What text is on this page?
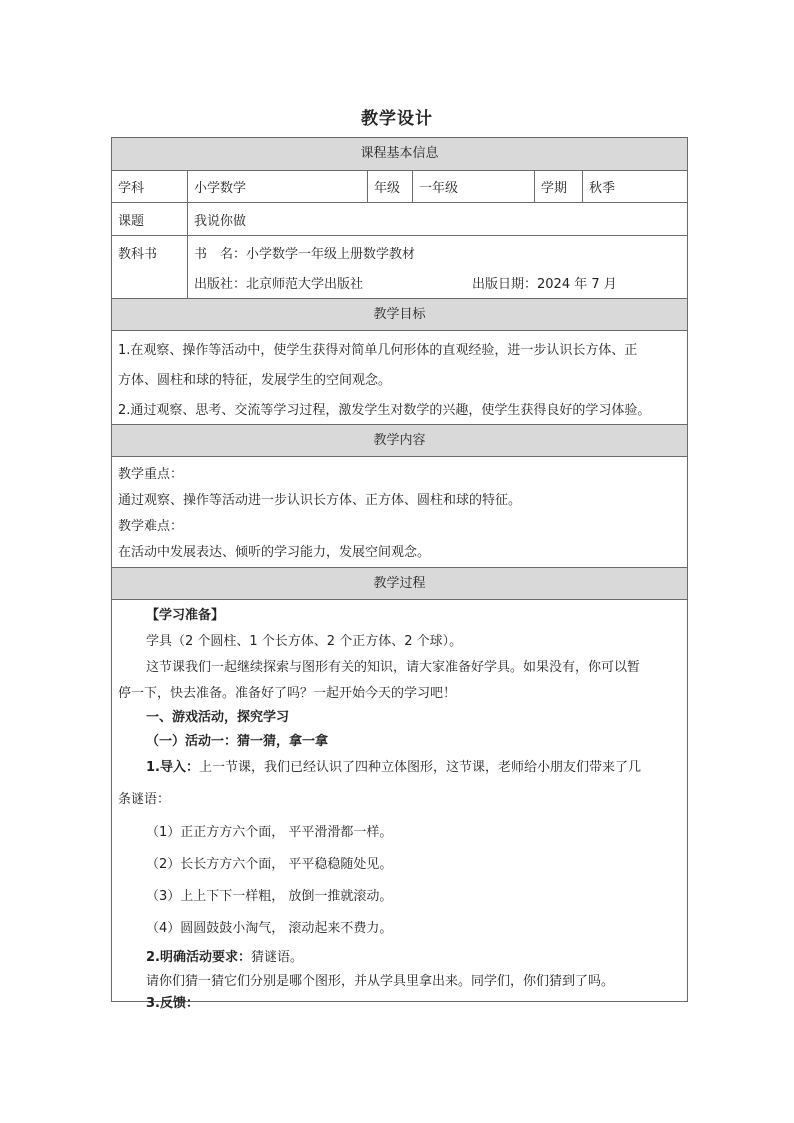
教学设计
课程基本信息
学科	小学数学	年级	一年级	学期	秋季
课题	我说你做
教科书	书　名：小学数学一年级上册数学教材
出版社：北京师范大学出版社	出版日期：2024 年 7 月
教学目标
1.在观察、操作等活动中，使学生获得对简单几何形体的直观经验，进一步认识长方体、正
方体、圆柱和球的特征，发展学生的空间观念。
2.通过观察、思考、交流等学习过程，激发学生对数学的兴趣，使学生获得良好的学习体验。
教学内容
教学重点：
通过观察、操作等活动进一步认识长方体、正方体、圆柱和球的特征。
教学难点：
在活动中发展表达、倾听的学习能力，发展空间观念。
教学过程
【学习准备】
学具（2 个圆柱、1 个长方体、2 个正方体、2 个球）。
这节课我们一起继续探索与图形有关的知识，请大家准备好学具。如果没有，你可以暂
停一下，快去准备。准备好了吗？一起开始今天的学习吧！
一、游戏活动，探究学习
（一）活动一：猜一猜，拿一拿
1.导入：上一节课，我们已经认识了四种立体图形，这节课，老师给小朋友们带来了几
条谜语：
（1）正正方方六个面， 平平滑滑都一样。
（2）长长方方六个面， 平平稳稳随处见。
（3）上上下下一样粗， 放倒一推就滚动。
（4）圆圆鼓鼓小淘气， 滚动起来不费力。
2.明确活动要求：猜谜语。
请你们猜一猜它们分别是哪个图形，并从学具里拿出来。同学们，你们猜到了吗。
3.反馈：
